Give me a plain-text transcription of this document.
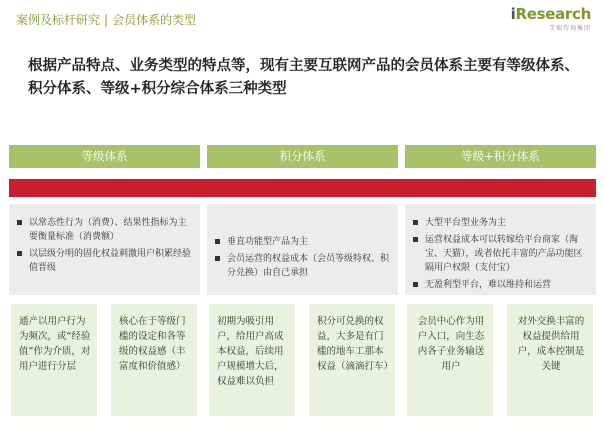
案例及标杆研究 | 会员体系的类型	iResearch
艾瑞咨询集团
根据产品特点、业务类型的特点等，现有主要互联网产品的会员体系主要有等级体系、积分体系、等级+积分综合体系三种类型
等级体系	积分体系	等级+积分体系
以常态性行为（消费）、结果性指标为主要衡量标准（消费额）
以层级分明的固化权益刺激用户积累经验值晋级
垂直功能型产品为主
会员运营的权益成本（会员等级特权、积分兑换）由自己承担
大型平台型业务为主
运营权益成本可以转嫁给平台商家（淘宝、天猫），或者依托丰富的产品功能区隔用户权限（支付宝）
无盈利型平台，难以维持和运营
通产以用户行为为频次，或“经验值”作为介质，对用户进行分层
核心在于等级门槛的设定和各等级的权益感（丰富度和价值感）
初期为吸引用户，给用户高成本权益，后续用户规模增大后，权益难以负担
积分可兑换的权益，大多是有门槛的地车工那本权益（滴滴打车）
会员中心作为用户入口，向生态内各子业务输送用户
对外交换丰富的权益提供给用户，成本控制是关键
